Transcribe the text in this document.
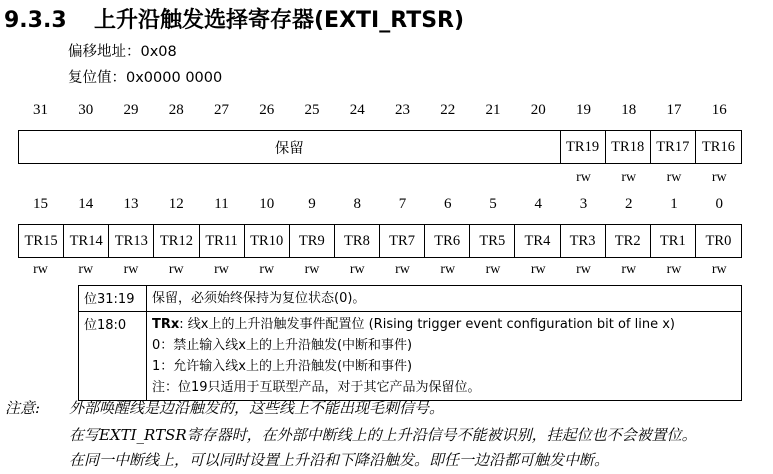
9.3.3 上升沿触发选择寄存器(EXTI_RTSR)
偏移地址：0x08
复位值：0x0000 0000
31	30	29	28	27	26	25	24	23	22	21	20	19	18	17	16
保留	TR19 TR18 TR17 TR16
rw	rw	rw	rw
15	14	13	12	11	10	9	8	7	6	5	4	3	2	1	0
TR15 TR14 TR13 TR12 TR11 TR10	TR9	TR8	TR7	TR6	TR5	TR4	TR3	TR2	TR1	TR0
rw	rw	rw	rw	rw	rw	rw	rw	rw	rw	rw	rw	rw	rw	rw	rw
位31:19	保留，必须始终保持为复位状态(0)。

位18:0	TRx: 线x上的上升沿触发事件配置位 (Rising trigger event configuration bit of line x)
0：禁止输入线x上的上升沿触发(中断和事件)
1：允许输入线x上的上升沿触发(中断和事件)
注：位19只适用于互联型产品，对于其它产品为保留位。
注意: 外部唤醒线是边沿触发的，这些线上不能出现毛刺信号。
在写EXTI_RTSR寄存器时，在外部中断线上的上升沿信号不能被识别，挂起位也不会被置位。
在同一中断线上，可以同时设置上升沿和下降沿触发。即任一边沿都可触发中断。
